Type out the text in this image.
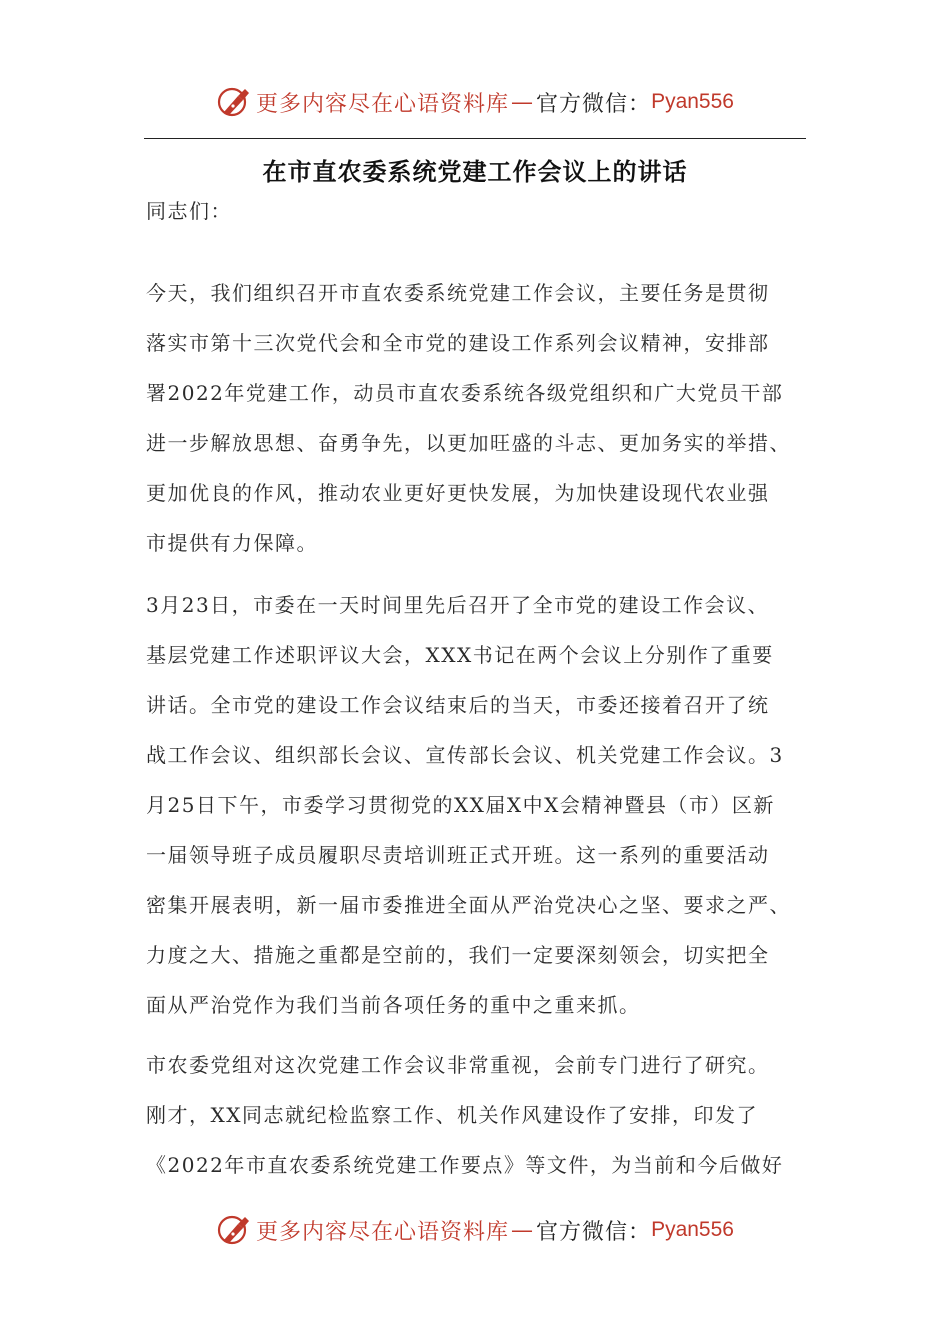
更多内容尽在心语资料库 — 官方微信： Pyan556
在市直农委系统党建工作会议上的讲话
同志们：
今天，我们组织召开市直农委系统党建工作会议，主要任务是贯彻
落实市第十三次党代会和全市党的建设工作系列会议精神，安排部
署2022年党建工作，动员市直农委系统各级党组织和广大党员干部
进一步解放思想、奋勇争先，以更加旺盛的斗志、更加务实的举措、
更加优良的作风，推动农业更好更快发展，为加快建设现代农业强
市提供有力保障。
3月23日，市委在一天时间里先后召开了全市党的建设工作会议、
基层党建工作述职评议大会，XXX书记在两个会议上分别作了重要
讲话。全市党的建设工作会议结束后的当天，市委还接着召开了统
战工作会议、组织部长会议、宣传部长会议、机关党建工作会议。3
月25日下午，市委学习贯彻党的XX届X中X会精神暨县（市）区新
一届领导班子成员履职尽责培训班正式开班。这一系列的重要活动
密集开展表明，新一届市委推进全面从严治党决心之坚、要求之严、
力度之大、措施之重都是空前的，我们一定要深刻领会，切实把全
面从严治党作为我们当前各项任务的重中之重来抓。
市农委党组对这次党建工作会议非常重视，会前专门进行了研究。
刚才，XX同志就纪检监察工作、机关作风建设作了安排，印发了
《2022年市直农委系统党建工作要点》等文件，为当前和今后做好
更多内容尽在心语资料库 — 官方微信： Pyan556
